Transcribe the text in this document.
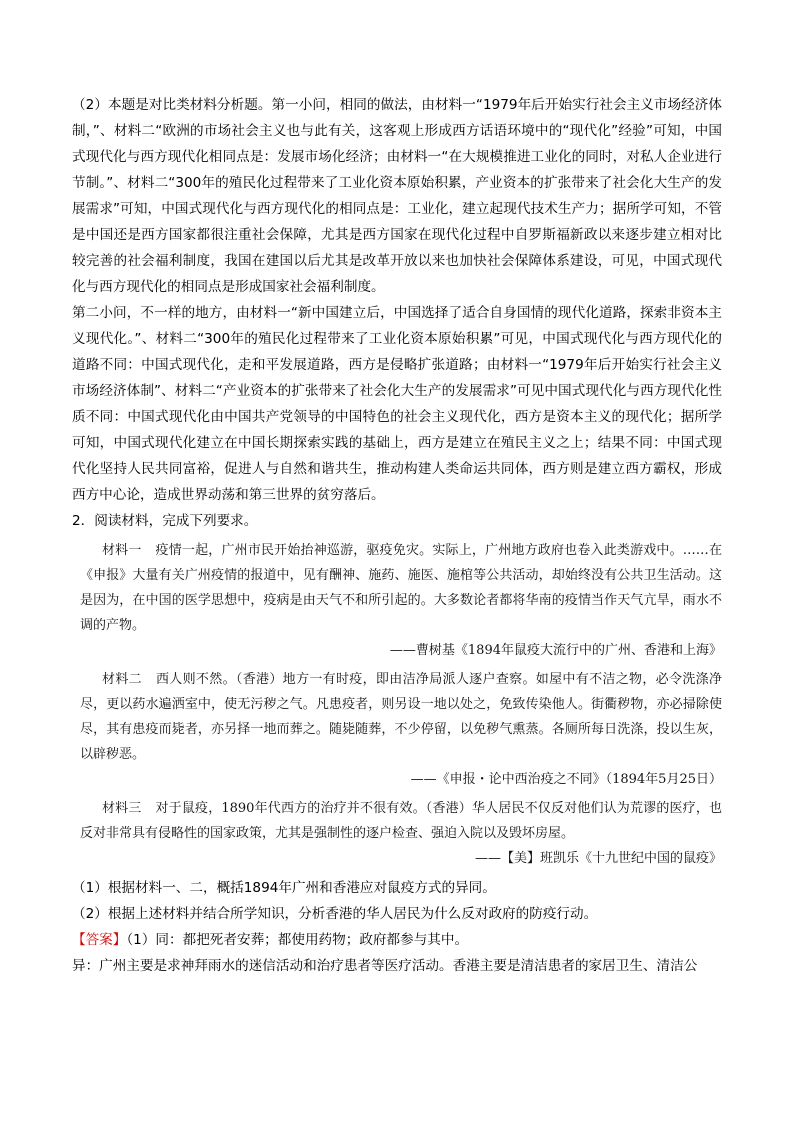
（2）本题是对比类材料分析题。第一小问，相同的做法，由材料一“1979年后开始实行社会主义市场经济体制，”、材料二“欧洲的市场社会主义也与此有关，这客观上形成西方话语环境中的“现代化”经验”可知，中国式现代化与西方现代化相同点是：发展市场化经济；由材料一“在大规模推进工业化的同时，对私人企业进行节制。”、材料二“300年的殖民化过程带来了工业化资本原始积累，产业资本的扩张带来了社会化大生产的发展需求”可知，中国式现代化与西方现代化的相同点是：工业化，建立起现代技术生产力；据所学可知，不管是中国还是西方国家都很注重社会保障，尤其是西方国家在现代化过程中自罗斯福新政以来逐步建立相对比较完善的社会福利制度，我国在建国以后尤其是改革开放以来也加快社会保障体系建设，可见，中国式现代化与西方现代化的相同点是形成国家社会福利制度。

第二小问，不一样的地方，由材料一“新中国建立后，中国选择了适合自身国情的现代化道路，探索非资本主义现代化。”、材料二“300年的殖民化过程带来了工业化资本原始积累”可见，中国式现代化与西方现代化的道路不同：中国式现代化，走和平发展道路，西方是侵略扩张道路；由材料一“1979年后开始实行社会主义市场经济体制”、材料二“产业资本的扩张带来了社会化大生产的发展需求”可见中国式现代化与西方现代化性质不同：中国式现代化由中国共产党领导的中国特色的社会主义现代化，西方是资本主义的现代化；据所学可知，中国式现代化建立在中国长期探索实践的基础上，西方是建立在殖民主义之上；结果不同：中国式现代化坚持人民共同富裕，促进人与自然和谐共生，推动构建人类命运共同体，西方则是建立西方霸权，形成西方中心论，造成世界动荡和第三世界的贫穷落后。

2．阅读材料，完成下列要求。

材料一 疫情一起，广州市民开始抬神巡游，驱疫免灾。实际上，广州地方政府也卷入此类游戏中。……在《申报》大量有关广州疫情的报道中，见有酬神、施药、施医、施棺等公共活动，却始终没有公共卫生活动。这是因为，在中国的医学思想中，疫病是由天气不和所引起的。大多数论者都将华南的疫情当作天气亢旱，雨水不调的产物。

——曹树基《1894年鼠疫大流行中的广州、香港和上海》

材料二 西人则不然。（香港）地方一有时疫，即由洁净局派人逐户查察。如屋中有不洁之物，必令洗涤净尽，更以药水遍洒室中，使无污秽之气。凡患疫者，则另设一地以处之，免致传染他人。街衢秽物，亦必掃除使尽，其有患疫而毙者，亦另择一地而葬之。随毙随葬，不少停留，以免秽气熏蒸。各厕所每日洗涤，投以生灰，以辟秽恶。

——《申报・论中西治疫之不同》（1894年5月25日）

材料三 对于鼠疫，1890年代西方的治疗并不很有效。（香港）华人居民不仅反对他们认为荒谬的医疗，也反对非常具有侵略性的国家政策，尤其是强制性的逐户检查、强迫入院以及毁坏房屋。

——【美】班凯乐《十九世纪中国的鼠疫》

（1）根据材料一、二，概括1894年广州和香港应对鼠疫方式的异同。

（2）根据上述材料并结合所学知识，分析香港的华人居民为什么反对政府的防疫行动。

【答案】（1）同：都把死者安葬；都使用药物；政府都参与其中。

异：广州主要是求神拜雨水的迷信活动和治疗患者等医疗活动。香港主要是清洁患者的家居卫生、清洁公
